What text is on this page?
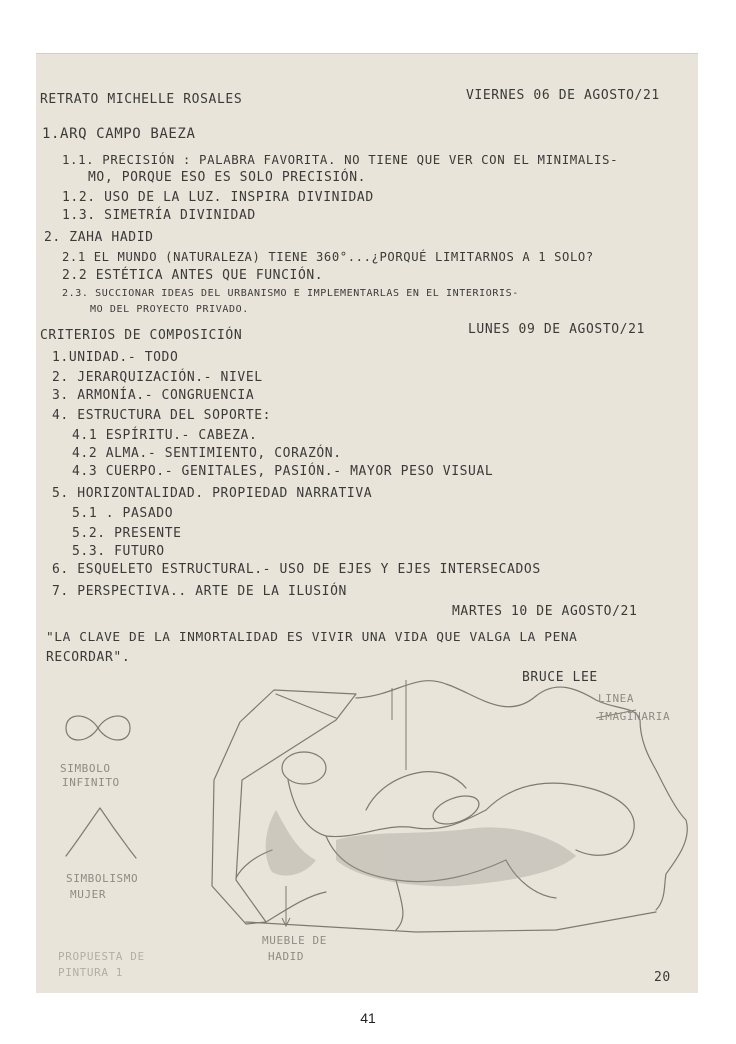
RETRATO MICHELLE ROSALES	VIERNES 06 DE AGOSTO/21
1.ARQ CAMPO BAEZA
1.1. PRECISIÓN : PALABRA FAVORITA. NO TIENE QUE VER CON EL MINIMALIS-
MO, PORQUE ESO ES SOLO PRECISIÓN.
1.2. USO DE LA LUZ. INSPIRA DIVINIDAD
1.3. SIMETRÍA DIVINIDAD
2. ZAHA HADID
2.1 EL MUNDO (NATURALEZA) TIENE 360°...¿PORQUÉ LIMITARNOS A 1 SOLO?
2.2 ESTÉTICA ANTES QUE FUNCIÓN.
2.3. SUCCIONAR IDEAS DEL URBANISMO E IMPLEMENTARLAS EN EL INTERIORIS-
MO DEL PROYECTO PRIVADO.
CRITERIOS DE COMPOSICIÓN	LUNES 09 DE AGOSTO/21
1.UNIDAD.- TODO
2. JERARQUIZACIÓN.- NIVEL
3. ARMONÍA.- CONGRUENCIA
4. ESTRUCTURA DEL SOPORTE:
4.1 ESPÍRITU.- CABEZA.
4.2 ALMA.- SENTIMIENTO, CORAZÓN.
4.3 CUERPO.- GENITALES, PASIÓN.- MAYOR PESO VISUAL
5. HORIZONTALIDAD. PROPIEDAD NARRATIVA
5.1 . PASADO
5.2. PRESENTE
5.3. FUTURO
6. ESQUELETO ESTRUCTURAL.- USO DE EJES Y EJES INTERSECADOS
7. PERSPECTIVA.. ARTE DE LA ILUSIÓN
MARTES 10 DE AGOSTO/21
"LA CLAVE DE LA INMORTALIDAD ES VIVIR UNA VIDA QUE VALGA LA PENA
RECORDAR".
BRUCE LEE
LINEA
IMAGINARIA
SIMBOLO
INFINITO
SIMBOLISMO
MUJER
MUEBLE DE
HADID
PROPUESTA DE
PINTURA 1	20
41
